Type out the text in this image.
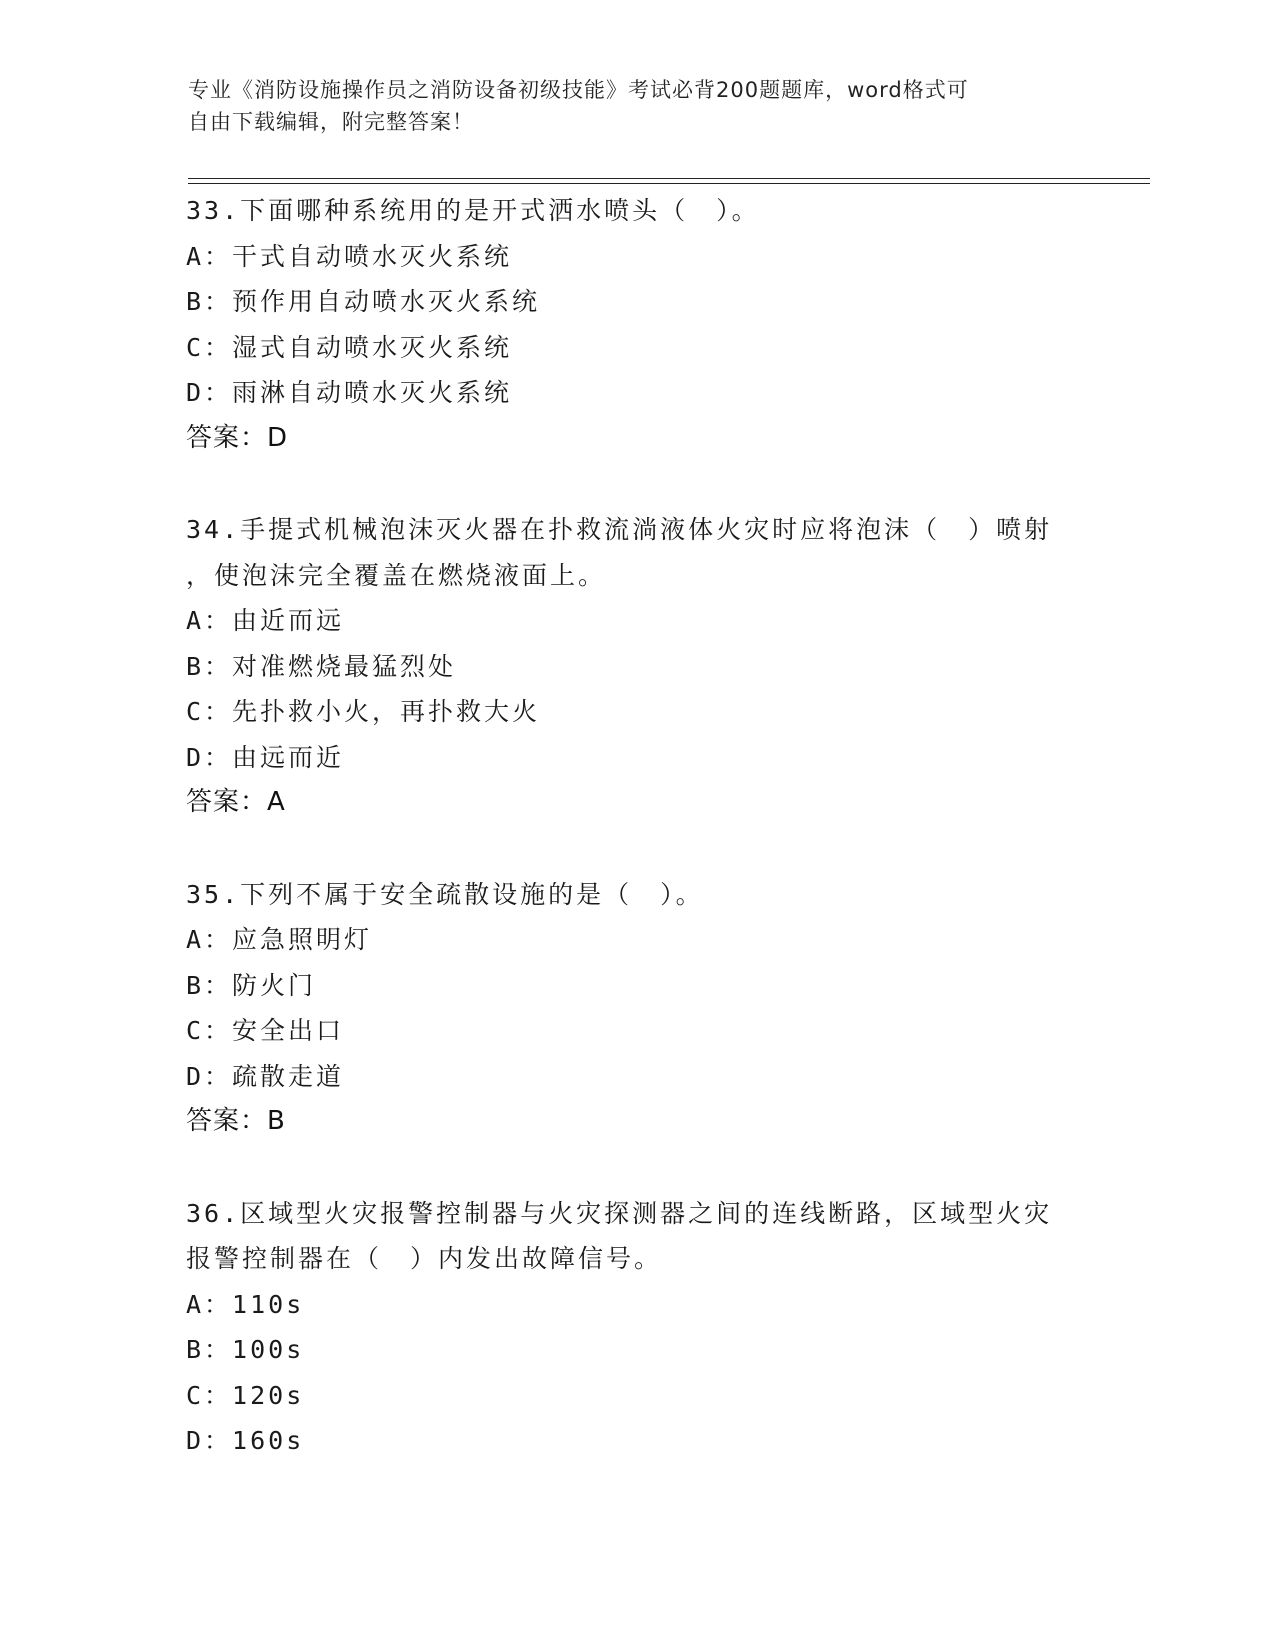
专业《消防设施操作员之消防设备初级技能》考试必背200题题库，word格式可
自由下载编辑，附完整答案！
33.下面哪种系统用的是开式洒水喷头（　）。
A：干式自动喷水灭火系统
B：预作用自动喷水灭火系统
C：湿式自动喷水灭火系统
D：雨淋自动喷水灭火系统
答案：D
34.手提式机械泡沫灭火器在扑救流淌液体火灾时应将泡沫（　）喷射
，使泡沫完全覆盖在燃烧液面上。
A：由近而远
B：对准燃烧最猛烈处
C：先扑救小火，再扑救大火
D：由远而近
答案：A
35.下列不属于安全疏散设施的是（　）。
A：应急照明灯
B：防火门
C：安全出口
D：疏散走道
答案：B
36.区域型火灾报警控制器与火灾探测器之间的连线断路，区域型火灾
报警控制器在（　）内发出故障信号。
A：110s
B：100s
C：120s
D：160s
